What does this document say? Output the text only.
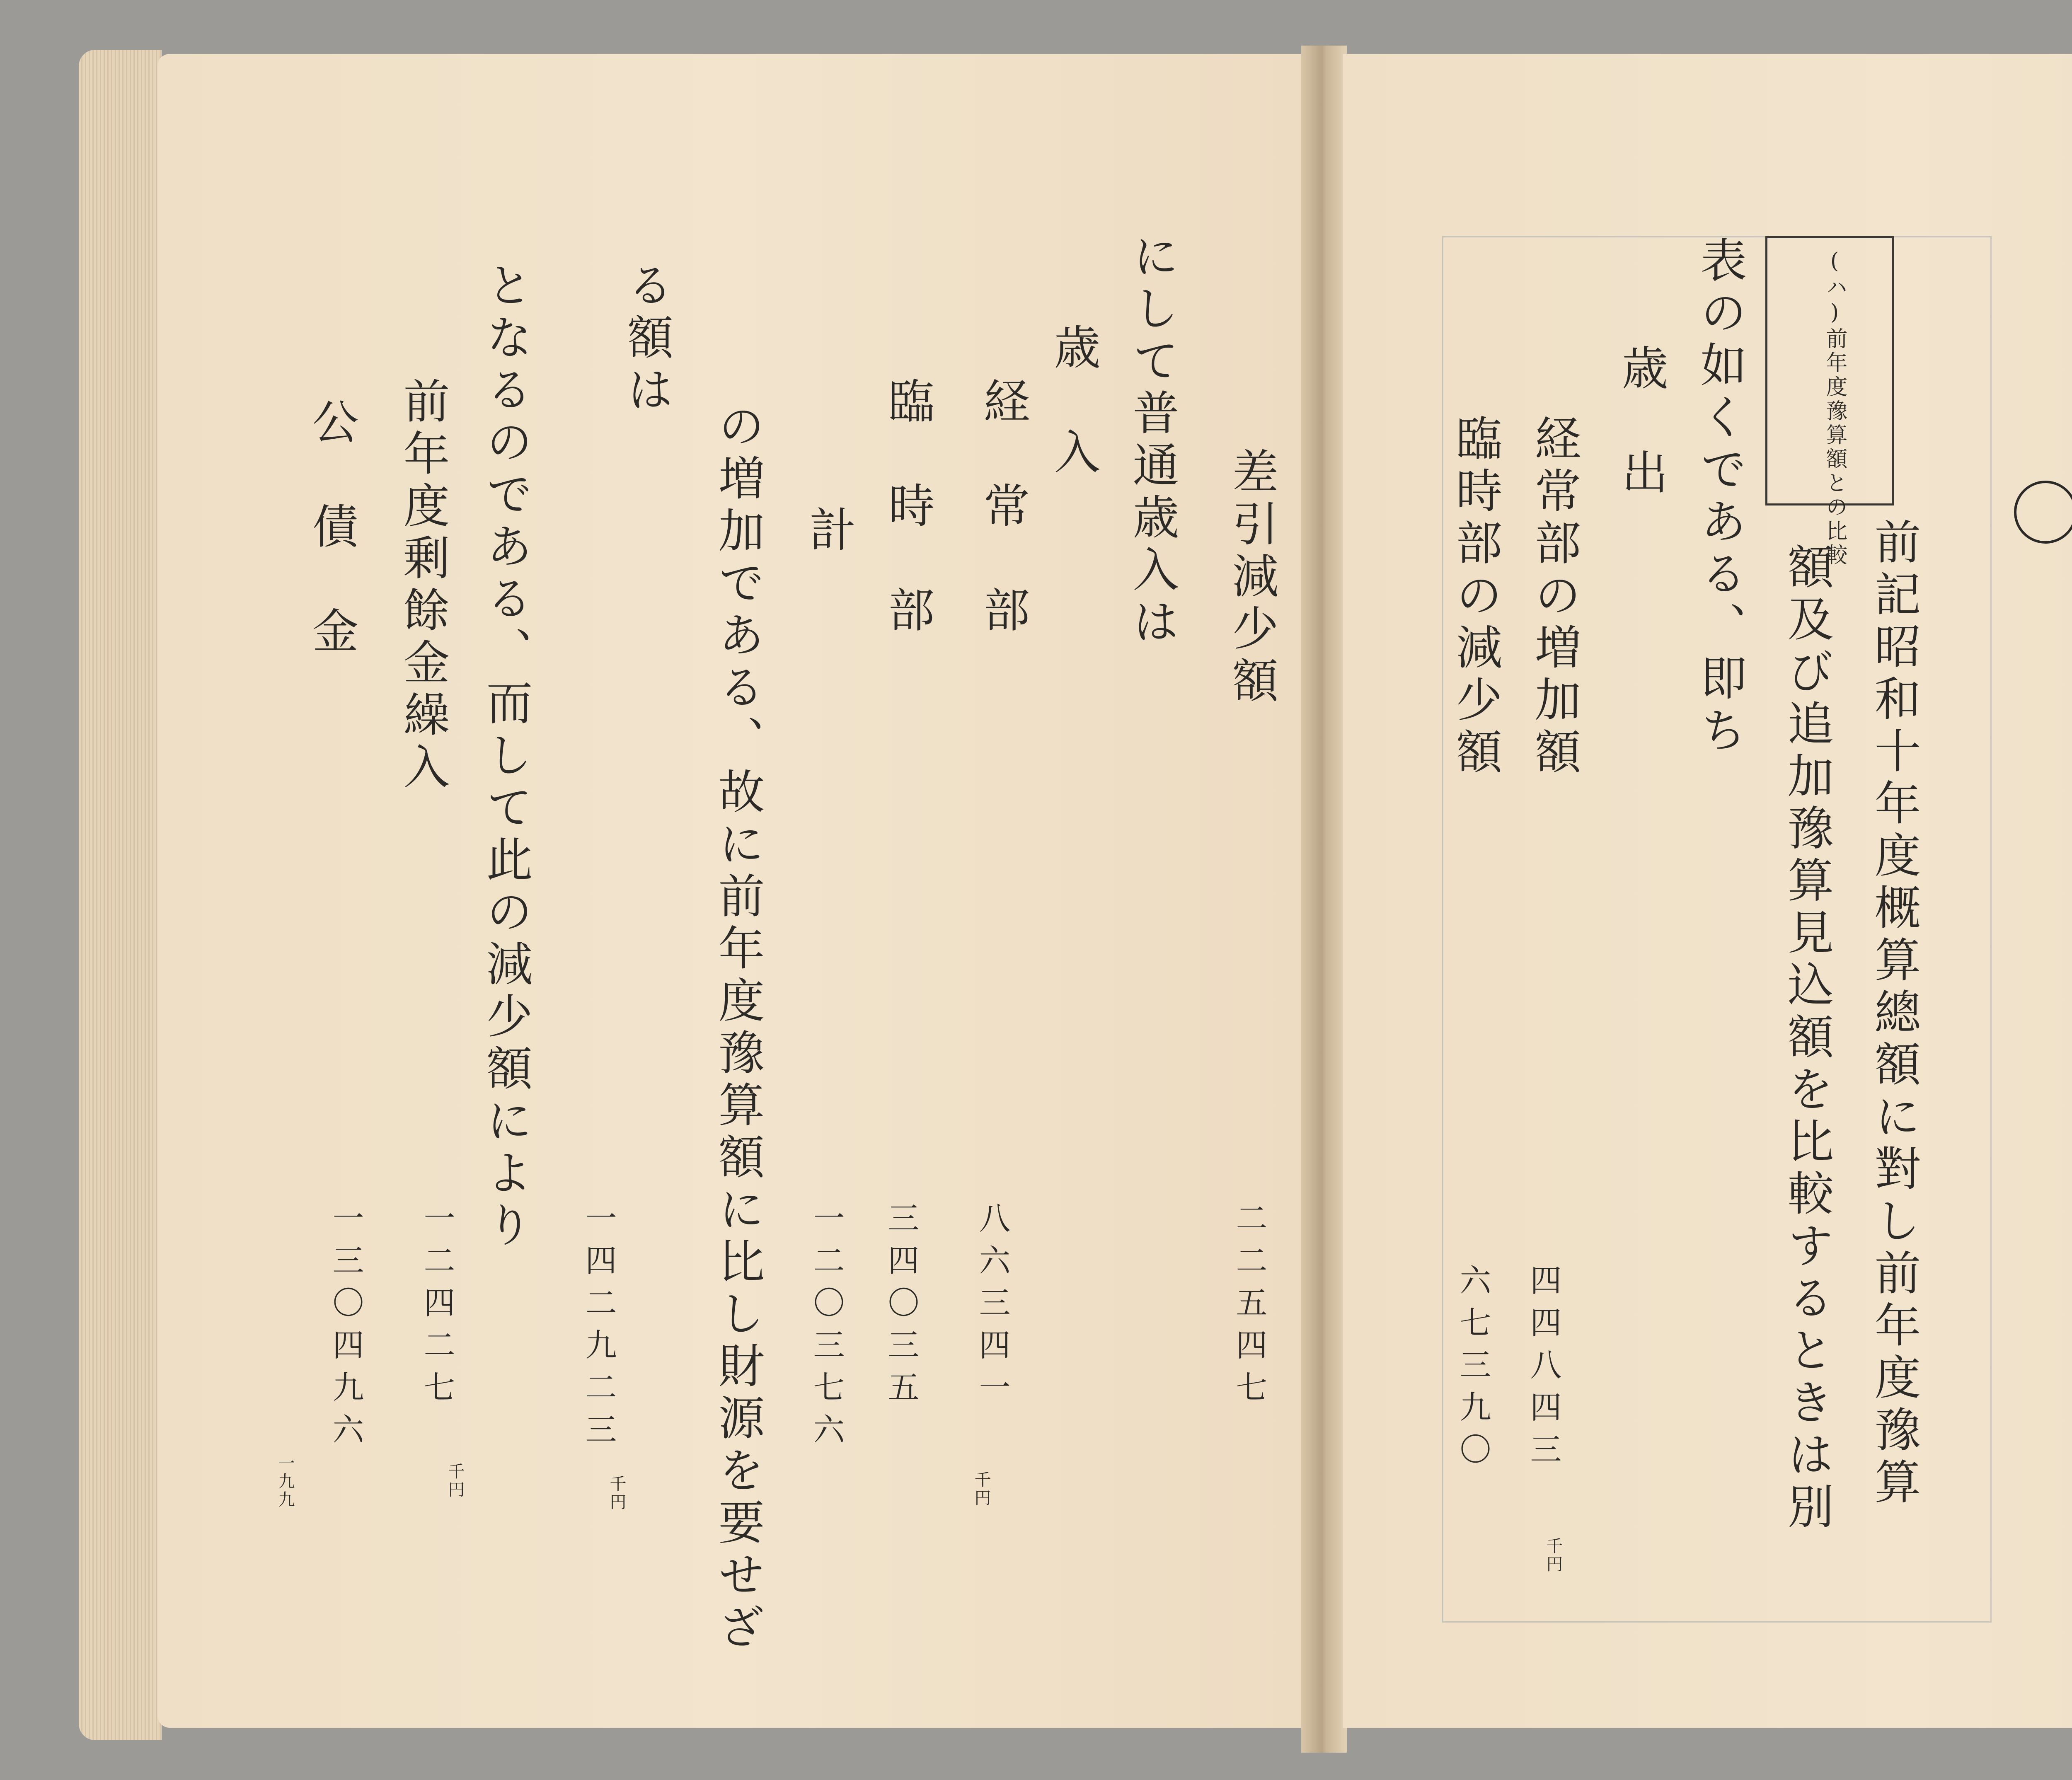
差引減少額
二二五四七
にして普通歳入は
歳　入
経　常　部
八六三四一
千円
臨　時　部
三四〇三五
計
一二〇三七六
の増加である、故に前年度豫算額に比し財源を要せざ
る額は
一四二九二三
千円
となるのである、而して此の減少額により
前年度剰餘金繰入
一二四二七
千円
公　債　金
一三〇四九六
一九九
(ハ)前年度豫算額との比較
前記昭和十年度概算總額に對し前年度豫算
額及び追加豫算見込額を比較するときは別
表の如くである、即ち
歳　出
経常部の増加額
四四八四三
千円
臨時部の減少額
六七三九〇
